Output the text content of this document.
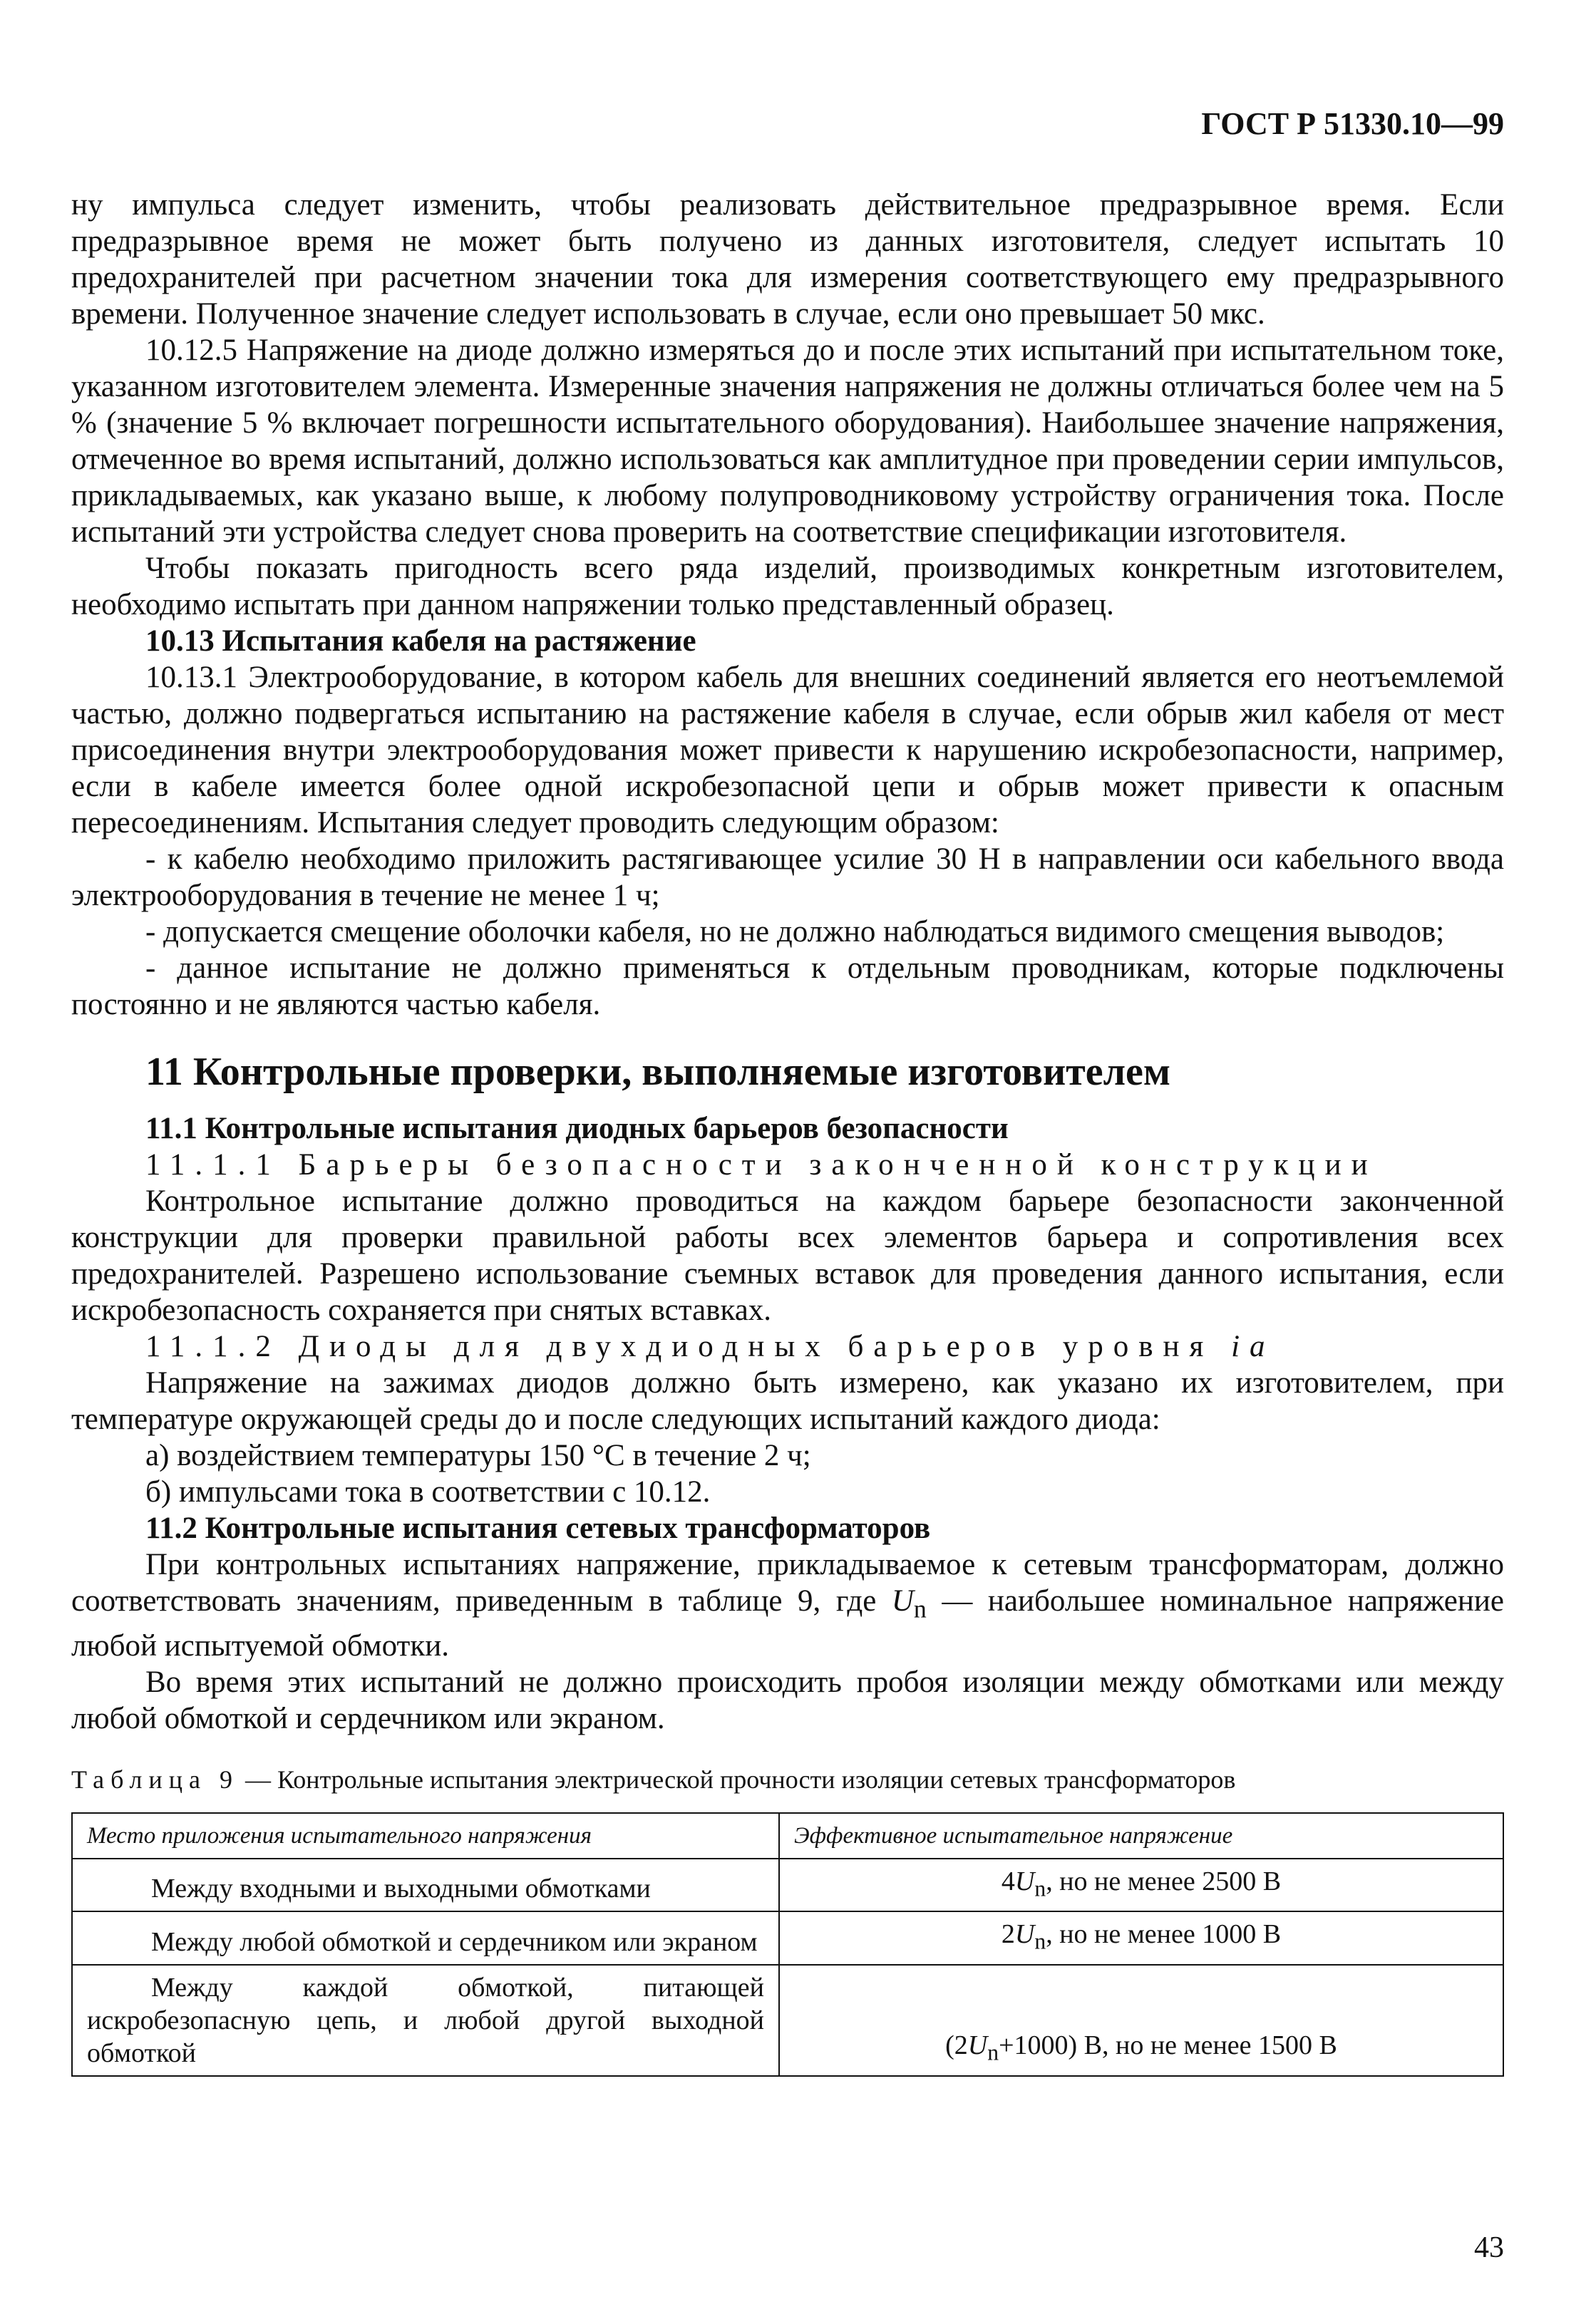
ГОСТ Р 51330.10—99

ну импульса следует изменить, чтобы реализовать действительное предразрывное время. Если предразрывное время не может быть получено из данных изготовителя, следует испытать 10 предохранителей при расчетном значении тока для измерения соответствующего ему предразрывного времени. Полученное значение следует использовать в случае, если оно превышает 50 мкс.

10.12.5 Напряжение на диоде должно измеряться до и после этих испытаний при испытательном токе, указанном изготовителем элемента. Измеренные значения напряжения не должны отличаться более чем на 5 % (значение 5 % включает погрешности испытательного оборудования). Наибольшее значение напряжения, отмеченное во время испытаний, должно использоваться как амплитудное при проведении серии импульсов, прикладываемых, как указано выше, к любому полупроводниковому устройству ограничения тока. После испытаний эти устройства следует снова проверить на соответствие спецификации изготовителя.

Чтобы показать пригодность всего ряда изделий, производимых конкретным изготовителем, необходимо испытать при данном напряжении только представленный образец.

10.13 Испытания кабеля на растяжение

10.13.1 Электрооборудование, в котором кабель для внешних соединений является его неотъемлемой частью, должно подвергаться испытанию на растяжение кабеля в случае, если обрыв жил кабеля от мест присоединения внутри электрооборудования может привести к нарушению искробезопасности, например, если в кабеле имеется более одной искробезопасной цепи и обрыв может привести к опасным пересоединениям. Испытания следует проводить следующим образом:

- к кабелю необходимо приложить растягивающее усилие 30 Н в направлении оси кабельного ввода электрооборудования в течение не менее 1 ч;

- допускается смещение оболочки кабеля, но не должно наблюдаться видимого смещения выводов;

- данное испытание не должно применяться к отдельным проводникам, которые подключены постоянно и не являются частью кабеля.

11 Контрольные проверки, выполняемые изготовителем

11.1 Контрольные испытания диодных барьеров безопасности

11.1.1 Барьеры безопасности законченной конструкции

Контрольное испытание должно проводиться на каждом барьере безопасности законченной конструкции для проверки правильной работы всех элементов барьера и сопротивления всех предохранителей. Разрешено использование съемных вставок для проведения данного испытания, если искробезопасность сохраняется при снятых вставках.

11.1.2 Диоды для двухдиодных барьеров уровня ia

Напряжение на зажимах диодов должно быть измерено, как указано их изготовителем, при температуре окружающей среды до и после следующих испытаний каждого диода:

а) воздействием температуры 150 °С в течение 2 ч;

б) импульсами тока в соответствии с 10.12.

11.2 Контрольные испытания сетевых трансформаторов

При контрольных испытаниях напряжение, прикладываемое к сетевым трансформаторам, должно соответствовать значениям, приведенным в таблице 9, где $U_n$ — наибольшее номинальное напряжение любой испытуемой обмотки.

Во время этих испытаний не должно происходить пробоя изоляции между обмотками или между любой обмоткой и сердечником или экраном.

Таблица 9 — Контрольные испытания электрической прочности изоляции сетевых трансформаторов

Место приложения испытательного напряжения	Эффективное испытательное напряжение
Между входными и выходными обмотками	$4U_n$, но не менее 2500 В
Между любой обмоткой и сердечником или экраном	$2U_n$, но не менее 1000 В
Между каждой обмоткой, питающей искробезопасную цепь, и любой другой выходной обмоткой	$(2U_n+1000)$ В, но не менее 1500 В
43
